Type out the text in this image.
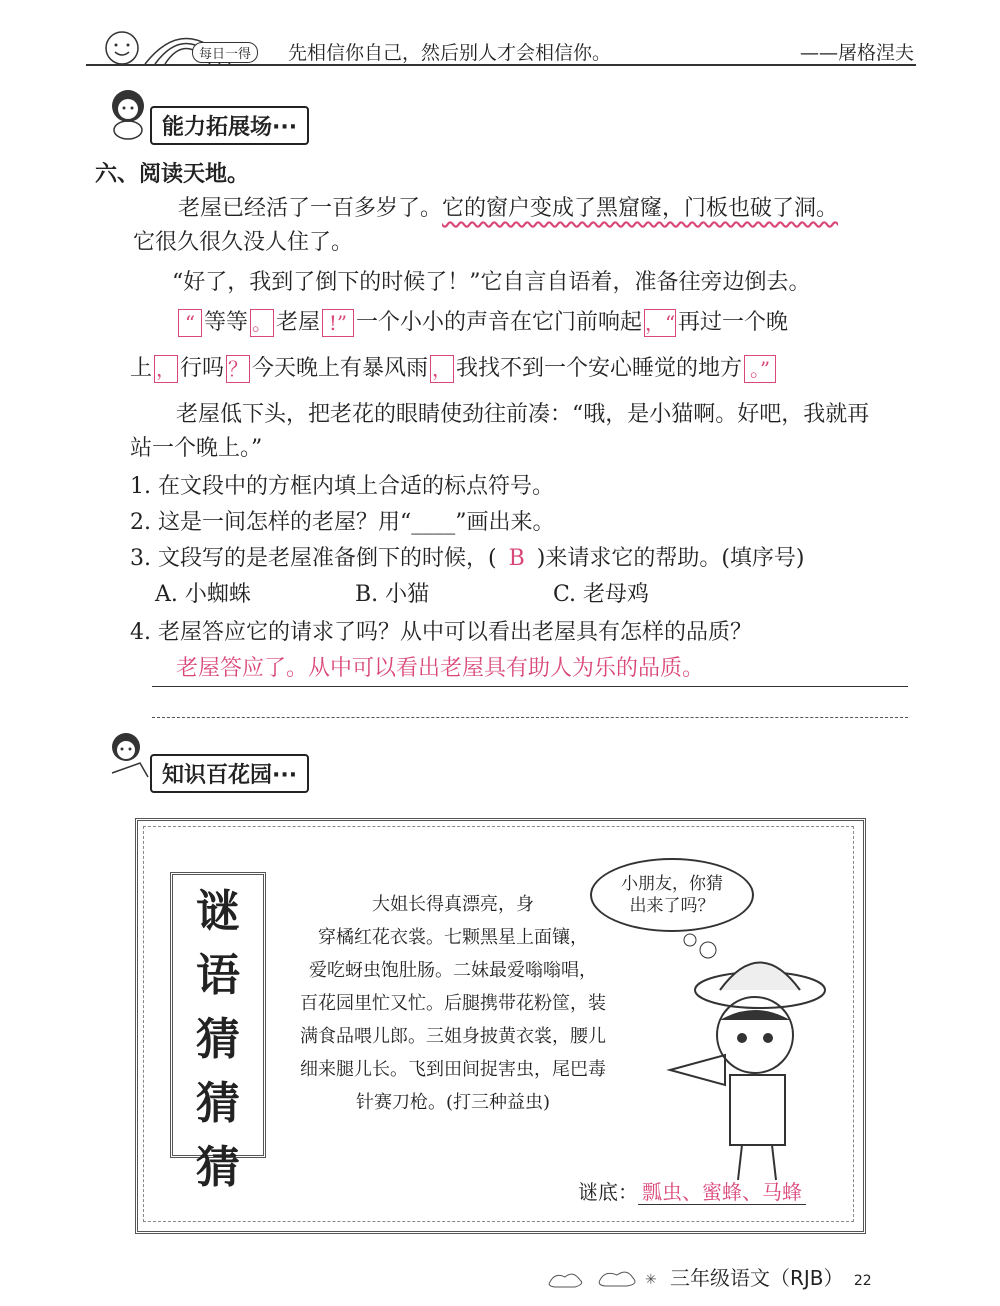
每日一得	先相信你自己，然后别人才会相信你。	——屠格涅夫
能力拓展场···
六、阅读天地。
老屋已经活了一百多岁了。它的窗户变成了黑窟窿，门板也破了洞。
它很久很久没人住了。
“好了，我到了倒下的时候了！”它自言自语着，准备往旁边倒去。
“ 等等 。 老屋 !” 一个小小的声音在它门前响起 ，“ 再过一个晚
上 ， 行吗 ？ 今天晚上有暴风雨 ， 我找不到一个安心睡觉的地方 。”
老屋低下头，把老花的眼睛使劲往前凑：“哦，是小猫啊。好吧，我就再
站一个晚上。”
1. 在文段中的方框内填上合适的标点符号。
2. 这是一间怎样的老屋？用“____”画出来。
3. 文段写的是老屋准备倒下的时候，( B )来请求它的帮助。(填序号)
A. 小蜘蛛	B. 小猫	C. 老母鸡
4. 老屋答应它的请求了吗？从中可以看出老屋具有怎样的品质？
老屋答应了。从中可以看出老屋具有助人为乐的品质。
知识百花园···
谜
语
猜
猜
猜
大姐长得真漂亮，身
穿橘红花衣裳。七颗黑星上面镶，
爱吃蚜虫饱肚肠。二妹最爱嗡嗡唱，
百花园里忙又忙。后腿携带花粉筐，装
满食品喂儿郎。三姐身披黄衣裳，腰儿
细来腿儿长。飞到田间捉害虫，尾巴毒
针赛刀枪。(打三种益虫)
小朋友，你猜
出来了吗？
谜底： 瓢虫、蜜蜂、马蜂
✳ 三年级语文（RJB） 22
